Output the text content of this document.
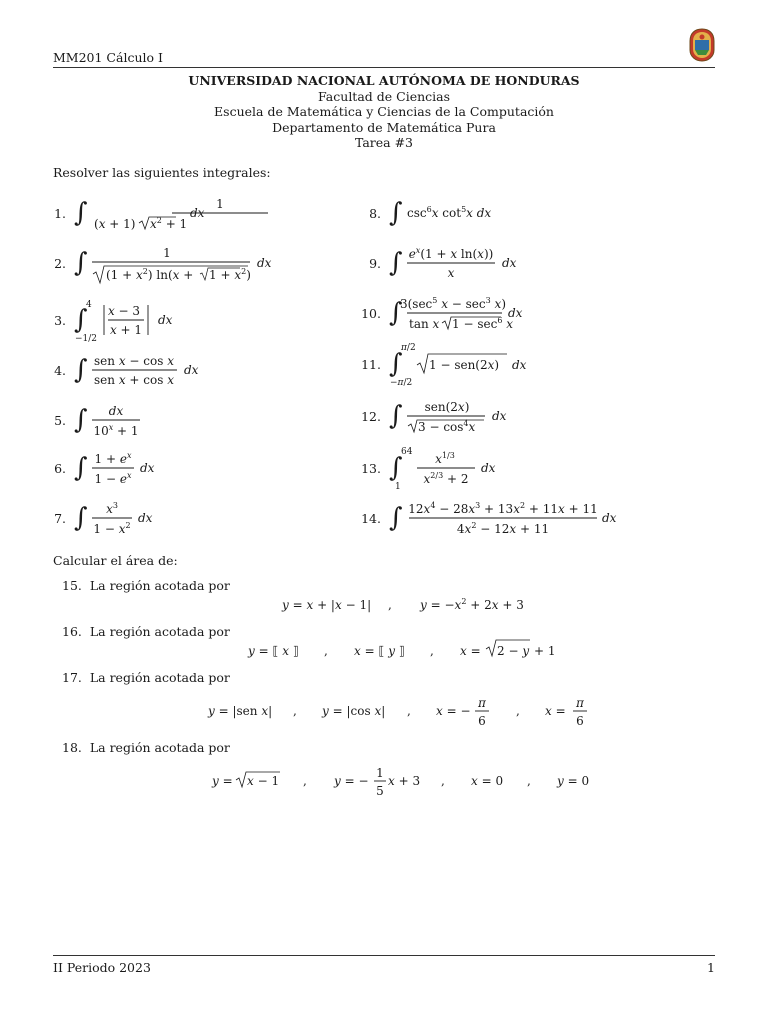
MM201 Cálculo I
UNIVERSIDAD NACIONAL AUTÓNOMA DE HONDURAS
Facultad de Ciencias
Escuela de Matemática y Ciencias de la Computación
Departamento de Matemática Pura
Tarea #3
Resolver las siguientes integrales:
1. ∫	1
(x + 1) $x^2 + 1$
dx
2. ∫	1
$(1 + x^2)$ $\ln(x + 1 + x^2)$
dx
3. ∫
4
−1/2
x − 3
x + 1
dx
4. ∫ sen x − cos x
sen x + cos x
dx
5. ∫ dx
$10^x + 1$
6. ∫ $1 + e^x$
$1 - e^x$
dx
7. ∫ $x^3$
$1 - x^2$
dx
8. ∫ $\csc^6x$ $\cot^5x$ dx
9. ∫ $e^x(1 + x$ ln(x))
x
dx
10. ∫
$3(\sec^5$ $x - \sec^3 x$)
tan x $1 - \sec^6 x$
dx
11. ∫
π/2
−π/2
1 − sen(2x) dx
12. ∫ sen(2x)
$3 - \cos^4x$
dx
13. ∫
64
1
$x^{1/3}$
$x^{2/3} + 2$
dx
14. ∫ $12x^4 - 28x^3 + 13x^2 + 11x + 11$
$4x^2 - 12x + 11$
dx
Calcular el área de:
15. La región acotada por
y = x + |x − 1| , $y = -x^2 + 2x + 3$
16. La región acotada por
y = ⟦ x ⟧ , x = ⟦ y ⟧ , x = 2 − y + 1
17. La región acotada por
y = |sen x| , y = |cos x| , x = −
π
6
, x =
π
6
18. La región acotada por
y = x − 1 , y = −
1
5
x + 3 , x = 0 , y = 0
II Periodo 2023	1
